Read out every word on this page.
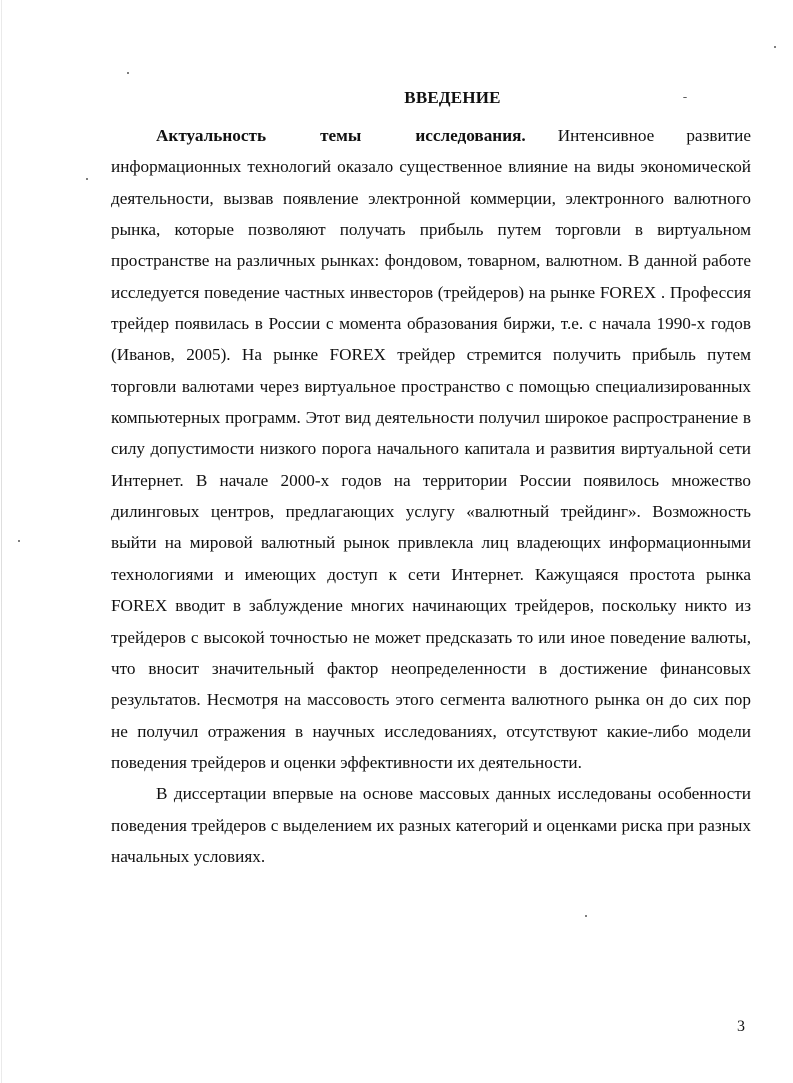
ВВЕДЕНИЕ

Актуальность темы исследования. Интенсивное развитие информационных технологий оказало существенное влияние на виды экономической деятельности, вызвав появление электронной коммерции, электронного валютного рынка, которые позволяют получать прибыль путем торговли в виртуальном пространстве на различных рынках: фондовом, товарном, валютном. В данной работе исследуется поведение частных инвесторов (трейдеров) на рынке FOREX . Профессия трейдер появилась в России с момента образования биржи, т.е. с начала 1990-х годов (Иванов, 2005). На рынке FOREX трейдер стремится получить прибыль путем торговли валютами через виртуальное пространство с помощью специализированных компьютерных программ. Этот вид деятельности получил широкое распространение в силу допустимости низкого порога начального капитала и развития виртуальной сети Интернет. В начале 2000-х годов на территории России появилось множество дилинговых центров, предлагающих услугу «валютный трейдинг». Возможность выйти на мировой валютный рынок привлекла лиц владеющих информационными технологиями и имеющих доступ к сети Интернет. Кажущаяся простота рынка FOREX вводит в заблуждение многих начинающих трейдеров, поскольку никто из трейдеров с высокой точностью не может предсказать то или иное поведение валюты, что вносит значительный фактор неопределенности в достижение финансовых результатов. Несмотря на массовость этого сегмента валютного рынка он до сих пор не получил отражения в научных исследованиях, отсутствуют какие-либо модели поведения трейдеров и оценки эффективности их деятельности.

В диссертации впервые на основе массовых данных исследованы особенности поведения трейдеров с выделением их разных категорий и оценками риска при разных начальных условиях.

3
